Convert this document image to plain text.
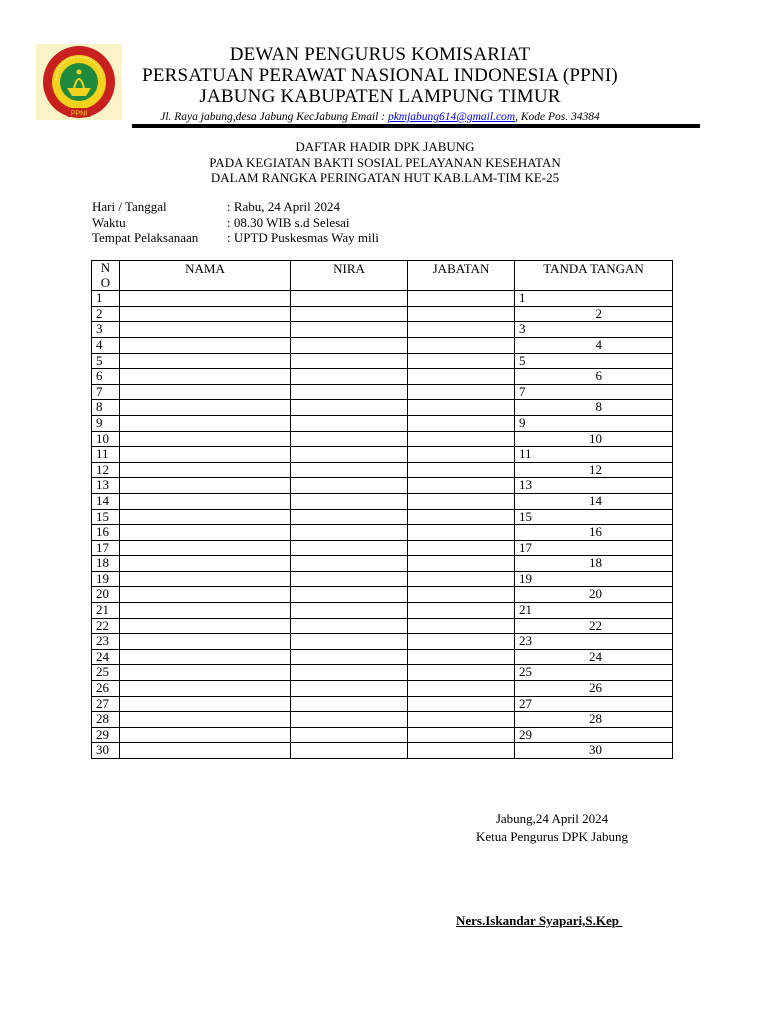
PPNI
DEWAN PENGURUS KOMISARIAT
PERSATUAN PERAWAT NASIONAL INDONESIA (PPNI)
JABUNG KABUPATEN LAMPUNG TIMUR
Jl. Raya jabung,desa Jabung KecJabung Email : pkmjabung614@gmail.com, Kode Pos. 34384
DAFTAR HADIR DPK JABUNG
PADA KEGIATAN BAKTI SOSIAL PELAYANAN KESEHATAN
DALAM RANGKA PERINGATAN HUT KAB.LAM-TIM KE-25
Hari / Tanggal	: Rabu, 24 April 2024
Waktu	: 08.30 WIB s.d Selesai
Tempat Pelaksanaan	: UPTD Puskesmas Way mili
N
O	NAMA	NIRA	JABATAN	TANDA TANGAN
1				1
2				2
3				3
4				4
5				5
6				6
7				7
8				8
9				9
10				10
11				11
12				12
13				13
14				14
15				15
16				16
17				17
18				18
19				19
20				20
21				21
22				22
23				23
24				24
25				25
26				26
27				27
28				28
29				29
30				30
Jabung,24 April 2024
Ketua Pengurus DPK Jabung
Ners.Iskandar Syapari,S.Kep
